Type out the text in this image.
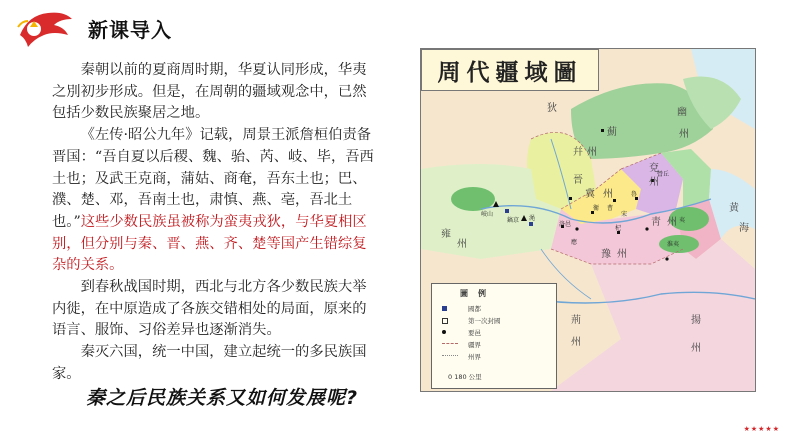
新课导入

秦朝以前的夏商周时期，华夏认同形成，华夷之別初步形成。但是，在周朝的疆域观念中，已然包括少数民族聚居之地。

《左传·昭公九年》记载，周景王派詹桓伯责备晋国：“吾自夏以后稷、魏、骀、芮、岐、毕，吾西土也；及武王克商，蒲姑、商奄，吾东土也；巴、濮、楚、邓，吾南土也，肃慎、燕、亳，吾北土也。”这些少数民族虽被称为蛮夷戎狄，与华夏相区别，但分别与秦、晋、燕、齐、楚等国产生错综复杂的关系。

到春秋战国时期，西北与北方各少数民族大举内徙，在中原造成了各族交错相处的局面，原来的语言、服饰、习俗差异也逐渐消失。

秦灭六国，统一中国，建立起统一的多民族国家。

秦之后民族关系又如何发展呢?
周代疆域圖
狄	幽
州
薊
幷 州
晉
冀 州
兗
州
營丘
靑 州 夷
黄
海
雍
州
豫 州
荊
州
揚
州
岐山
鎬京
洛邑
渑
淮夷
杞
魯
曹
衛
宋
應
圖例
國都
第一次封國
要邑
疆界
州界
0 180 公里
★★★★★
